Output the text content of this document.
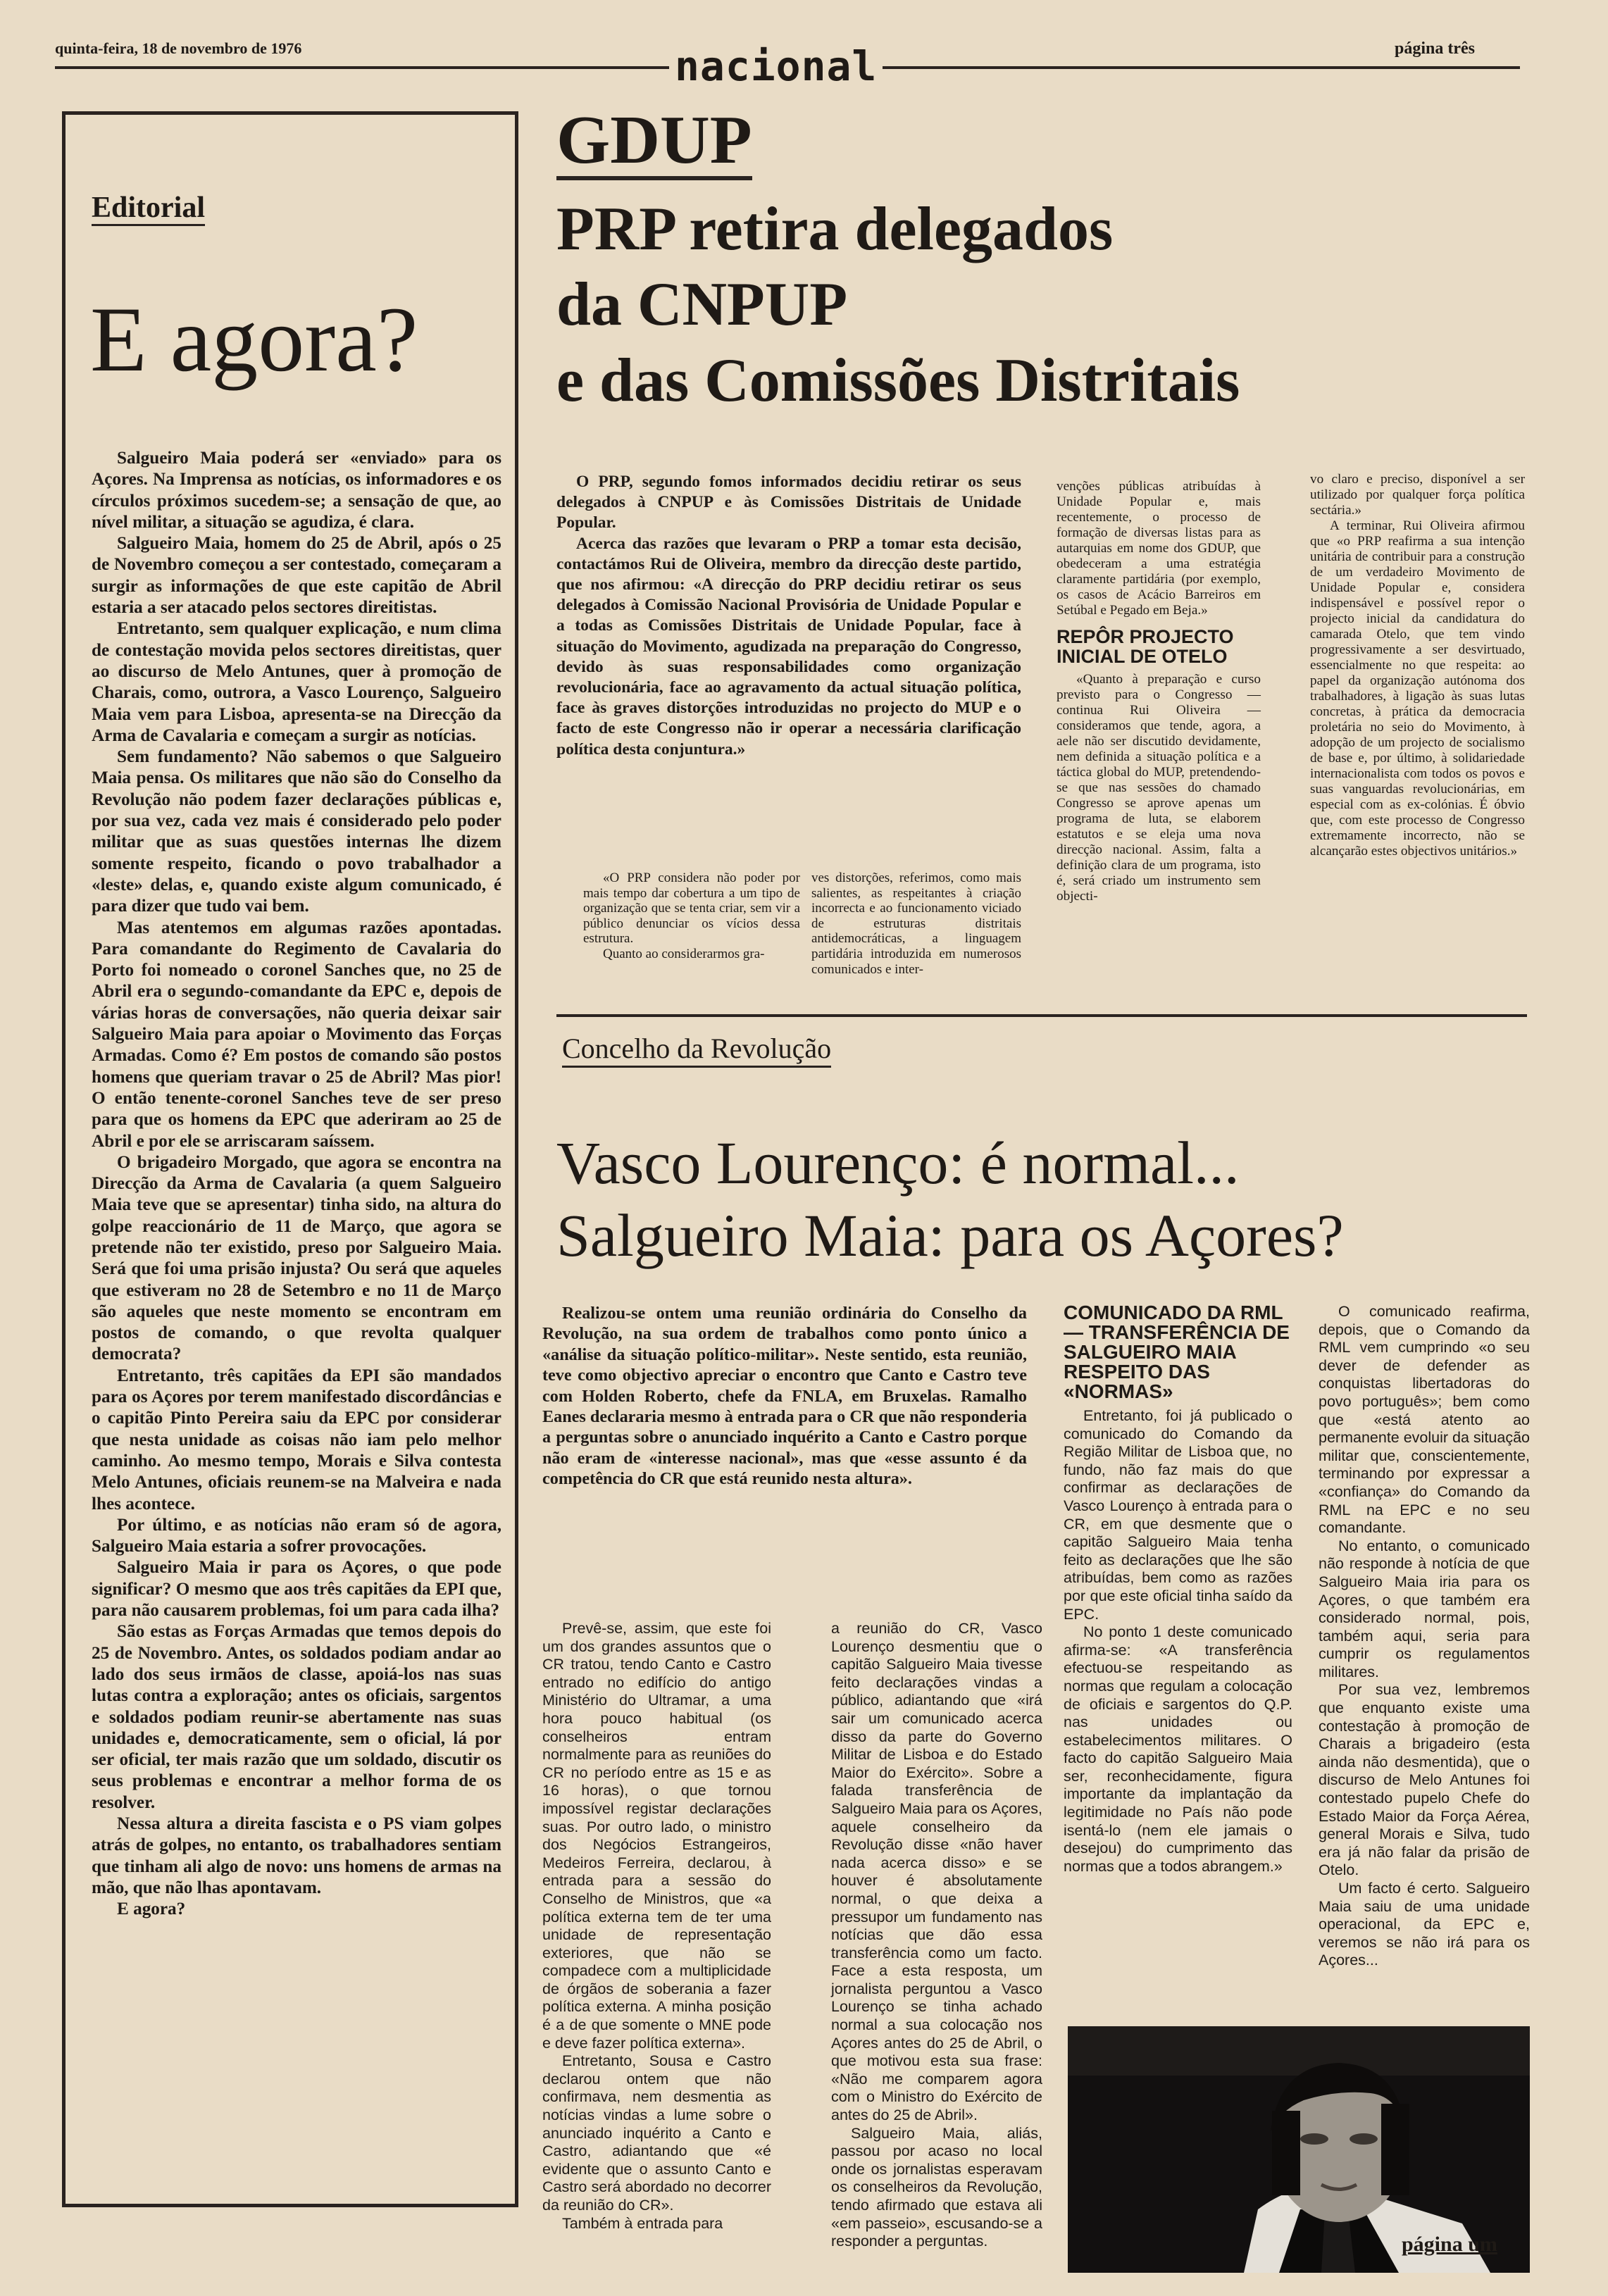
quinta-feira, 18 de novembro de 1976	nacional	página três
Editorial
E agora?

Salgueiro Maia poderá ser «enviado» para os Açores. Na Imprensa as notícias, os informadores e os círculos próximos sucedem-se; a sensação de que, ao nível militar, a situação se agudiza, é clara.

Salgueiro Maia, homem do 25 de Abril, após o 25 de Novembro começou a ser contestado, começaram a surgir as informações de que este capitão de Abril estaria a ser atacado pelos sectores direitistas.

Entretanto, sem qualquer explicação, e num clima de contestação movida pelos sectores direitistas, quer ao discurso de Melo Antunes, quer à promoção de Charais, como, outrora, a Vasco Lourenço, Salgueiro Maia vem para Lisboa, apresenta-se na Direcção da Arma de Cavalaria e começam a surgir as notícias.

Sem fundamento? Não sabemos o que Salgueiro Maia pensa. Os militares que não são do Conselho da Revolução não podem fazer declarações públicas e, por sua vez, cada vez mais é considerado pelo poder militar que as suas questões internas lhe dizem somente respeito, ficando o povo trabalhador a «leste» delas, e, quando existe algum comunicado, é para dizer que tudo vai bem.

Mas atentemos em algumas razões apontadas. Para comandante do Regimento de Cavalaria do Porto foi nomeado o coronel Sanches que, no 25 de Abril era o segundo-comandante da EPC e, depois de várias horas de conversações, não queria deixar sair Salgueiro Maia para apoiar o Movimento das Forças Armadas. Como é? Em postos de comando são postos homens que queriam travar o 25 de Abril? Mas pior! O então tenente-coronel Sanches teve de ser preso para que os homens da EPC que aderiram ao 25 de Abril e por ele se arriscaram saíssem.

O brigadeiro Morgado, que agora se encontra na Direcção da Arma de Cavalaria (a quem Salgueiro Maia teve que se apresentar) tinha sido, na altura do golpe reaccionário de 11 de Março, que agora se pretende não ter existido, preso por Salgueiro Maia. Será que foi uma prisão injusta? Ou será que aqueles que estiveram no 28 de Setembro e no 11 de Março são aqueles que neste momento se encontram em postos de comando, o que revolta qualquer democrata?

Entretanto, três capitães da EPI são mandados para os Açores por terem manifestado discordâncias e o capitão Pinto Pereira saiu da EPC por considerar que nesta unidade as coisas não iam pelo melhor caminho. Ao mesmo tempo, Morais e Silva contesta Melo Antunes, oficiais reunem-se na Malveira e nada lhes acontece.

Por último, e as notícias não eram só de agora, Salgueiro Maia estaria a sofrer provocações.

Salgueiro Maia ir para os Açores, o que pode significar? O mesmo que aos três capitães da EPI que, para não causarem problemas, foi um para cada ilha?

São estas as Forças Armadas que temos depois do 25 de Novembro. Antes, os soldados podiam andar ao lado dos seus irmãos de classe, apoiá-los nas suas lutas contra a exploração; antes os oficiais, sargentos e soldados podiam reunir-se abertamente nas suas unidades e, democraticamente, sem o oficial, lá por ser oficial, ter mais razão que um soldado, discutir os seus problemas e encontrar a melhor forma de os resolver.

Nessa altura a direita fascista e o PS viam golpes atrás de golpes, no entanto, os trabalhadores sentiam que tinham ali algo de novo: uns homens de armas na mão, que não lhas apontavam.

E agora?

GDUP
PRP retira delegados
da CNPUP
e das Comissões Distritais

O PRP, segundo fomos informados decidiu retirar os seus delegados à CNPUP e às Comissões Distritais de Unidade Popular.

Acerca das razões que levaram o PRP a tomar esta decisão, contactámos Rui de Oliveira, membro da direcção deste partido, que nos afirmou: «A direcção do PRP decidiu retirar os seus delegados à Comissão Nacional Provisória de Unidade Popular e a todas as Comissões Distritais de Unidade Popular, face à situação do Movimento, agudizada na preparação do Congresso, devido às suas responsabilidades como organização revolucionária, face ao agravamento da actual situação política, face às graves distorções introduzidas no projecto do MUP e o facto de este Congresso não ir operar a necessária clarificação política desta conjuntura.»

«O PRP considera não poder por mais tempo dar cobertura a um tipo de organização que se tenta criar, sem vir a público denunciar os vícios dessa estrutura.

Quanto ao considerarmos gra-

ves distorções, referimos, como mais salientes, as respeitantes à criação incorrecta e ao funcionamento viciado de estruturas distritais antidemocráticas, a linguagem partidária introduzida em numerosos comunicados e inter-

venções públicas atribuídas à Unidade Popular e, mais recentemente, o processo de formação de diversas listas para as autarquias em nome dos GDUP, que obedeceram a uma estratégia claramente partidária (por exemplo, os casos de Acácio Barreiros em Setúbal e Pegado em Beja.»

REPÔR PROJECTO INICIAL DE OTELO

«Quanto à preparação e curso previsto para o Congresso — continua Rui Oliveira — consideramos que tende, agora, a aele não ser discutido devidamente, nem definida a situação política e a táctica global do MUP, pretendendo-se que nas sessões do chamado Congresso se aprove apenas um programa de luta, se elaborem estatutos e se eleja uma nova direcção nacional. Assim, falta a definição clara de um programa, isto é, será criado um instrumento sem objecti-

vo claro e preciso, disponível a ser utilizado por qualquer força política sectária.»

A terminar, Rui Oliveira afirmou que «o PRP reafirma a sua intenção unitária de contribuir para a construção de um verdadeiro Movimento de Unidade Popular e, considera indispensável e possível repor o projecto inicial da candidatura do camarada Otelo, que tem vindo progressivamente a ser desvirtuado, essencialmente no que respeita: ao papel da organização autónoma dos trabalhadores, à ligação às suas lutas concretas, à prática da democracia proletária no seio do Movimento, à adopção de um projecto de socialismo de base e, por último, à solidariedade internacionalista com todos os povos e suas vanguardas revolucionárias, em especial com as ex-colónias. É óbvio que, com este processo de Congresso extremamente incorrecto, não se alcançarão estes objectivos unitários.»

Concelho da Revolução
Vasco Lourenço: é normal...
Salgueiro Maia: para os Açores?

Realizou-se ontem uma reunião ordinária do Conselho da Revolução, na sua ordem de trabalhos como ponto único a «análise da situação político-militar». Neste sentido, esta reunião, teve como objectivo apreciar o encontro que Canto e Castro teve com Holden Roberto, chefe da FNLA, em Bruxelas. Ramalho Eanes declararia mesmo à entrada para o CR que não responderia a perguntas sobre o anunciado inquérito a Canto e Castro porque não eram de «interesse nacional», mas que «esse assunto é da competência do CR que está reunido nesta altura».

Prevê-se, assim, que este foi um dos grandes assuntos que o CR tratou, tendo Canto e Castro entrado no edifício do antigo Ministério do Ultramar, a uma hora pouco habitual (os conselheiros entram normalmente para as reuniões do CR no período entre as 15 e as 16 horas), o que tornou impossível registar declarações suas. Por outro lado, o ministro dos Negócios Estrangeiros, Medeiros Ferreira, declarou, à entrada para a sessão do Conselho de Ministros, que «a política externa tem de ter uma unidade de representação exteriores, que não se compadece com a multiplicidade de órgãos de soberania a fazer política externa. A minha posição é a de que somente o MNE pode e deve fazer política externa».

Entretanto, Sousa e Castro declarou ontem que não confirmava, nem desmentia as notícias vindas a lume sobre o anunciado inquérito a Canto e Castro, adiantando que «é evidente que o assunto Canto e Castro será abordado no decorrer da reunião do CR».

Também à entrada para

a reunião do CR, Vasco Lourenço desmentiu que o capitão Salgueiro Maia tivesse feito declarações vindas a público, adiantando que «irá sair um comunicado acerca disso da parte do Governo Militar de Lisboa e do Estado Maior do Exército». Sobre a falada transferência de Salgueiro Maia para os Açores, aquele conselheiro da Revolução disse «não haver nada acerca disso» e se houver é absolutamente normal, o que deixa a pressupor um fundamento nas notícias que dão essa transferência como um facto. Face a esta resposta, um jornalista perguntou a Vasco Lourenço se tinha achado normal a sua colocação nos Açores antes do 25 de Abril, o que motivou esta sua frase: «Não me comparem agora com o Ministro do Exército de antes do 25 de Abril».

Salgueiro Maia, aliás, passou por acaso no local onde os jornalistas esperavam os conselheiros da Revolução, tendo afirmado que estava ali «em passeio», escusando-se a responder a perguntas.

COMUNICADO DA RML — TRANSFERÊNCIA DE SALGUEIRO MAIA RESPEITO DAS «NORMAS»

Entretanto, foi já publicado o comunicado do Comando da Região Militar de Lisboa que, no fundo, não faz mais do que confirmar as declarações de Vasco Lourenço à entrada para o CR, em que desmente que o capitão Salgueiro Maia tenha feito as declarações que lhe são atribuídas, bem como as razões por que este oficial tinha saído da EPC.

No ponto 1 deste comunicado afirma-se: «A transferência efectuou-se respeitando as normas que regulam a colocação de oficiais e sargentos do Q.P. nas unidades ou estabelecimentos militares. O facto do capitão Salgueiro Maia ser, reconhecidamente, figura importante da implantação da legitimidade no País não pode isentá-lo (nem ele jamais o desejou) do cumprimento das normas que a todos abrangem.»

O comunicado reafirma, depois, que o Comando da RML vem cumprindo «o seu dever de defender as conquistas libertadoras do povo português»; bem como que «está atento ao permanente evoluir da situação militar que, conscientemente, terminando por expressar a «confiança» do Comando da RML na EPC e no seu comandante.

No entanto, o comunicado não responde à notícia de que Salgueiro Maia iria para os Açores, o que também era considerado normal, pois, também aqui, seria para cumprir os regulamentos militares.

Por sua vez, lembremos que enquanto existe uma contestação à promoção de Charais a brigadeiro (esta ainda não desmentida), que o discurso de Melo Antunes foi contestado pupelo Chefe do Estado Maior da Força Aérea, general Morais e Silva, tudo era já não falar da prisão de Otelo.

Um facto é certo. Salgueiro Maia saiu de uma unidade operacional, da EPC e, veremos se não irá para os Açores...

página um
